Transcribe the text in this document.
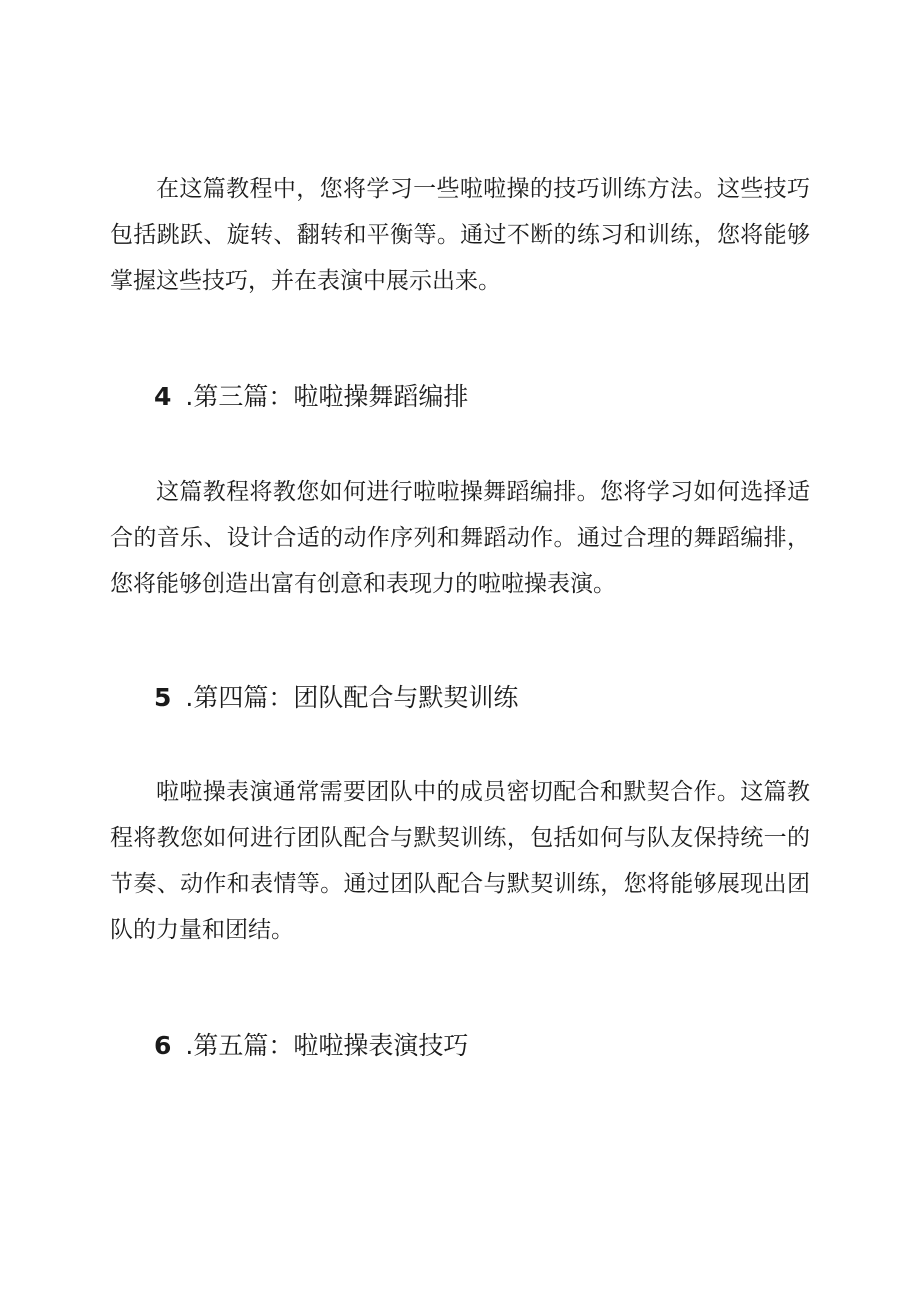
在这篇教程中，您将学习一些啦啦操的技巧训练方法。这些技巧包括跳跃、旋转、翻转和平衡等。通过不断的练习和训练，您将能够掌握这些技巧，并在表演中展示出来。

4 .第三篇：啦啦操舞蹈编排

这篇教程将教您如何进行啦啦操舞蹈编排。您将学习如何选择适合的音乐、设计合适的动作序列和舞蹈动作。通过合理的舞蹈编排，您将能够创造出富有创意和表现力的啦啦操表演。

5 .第四篇：团队配合与默契训练

啦啦操表演通常需要团队中的成员密切配合和默契合作。这篇教程将教您如何进行团队配合与默契训练，包括如何与队友保持统一的节奏、动作和表情等。通过团队配合与默契训练，您将能够展现出团队的力量和团结。

6 .第五篇：啦啦操表演技巧
